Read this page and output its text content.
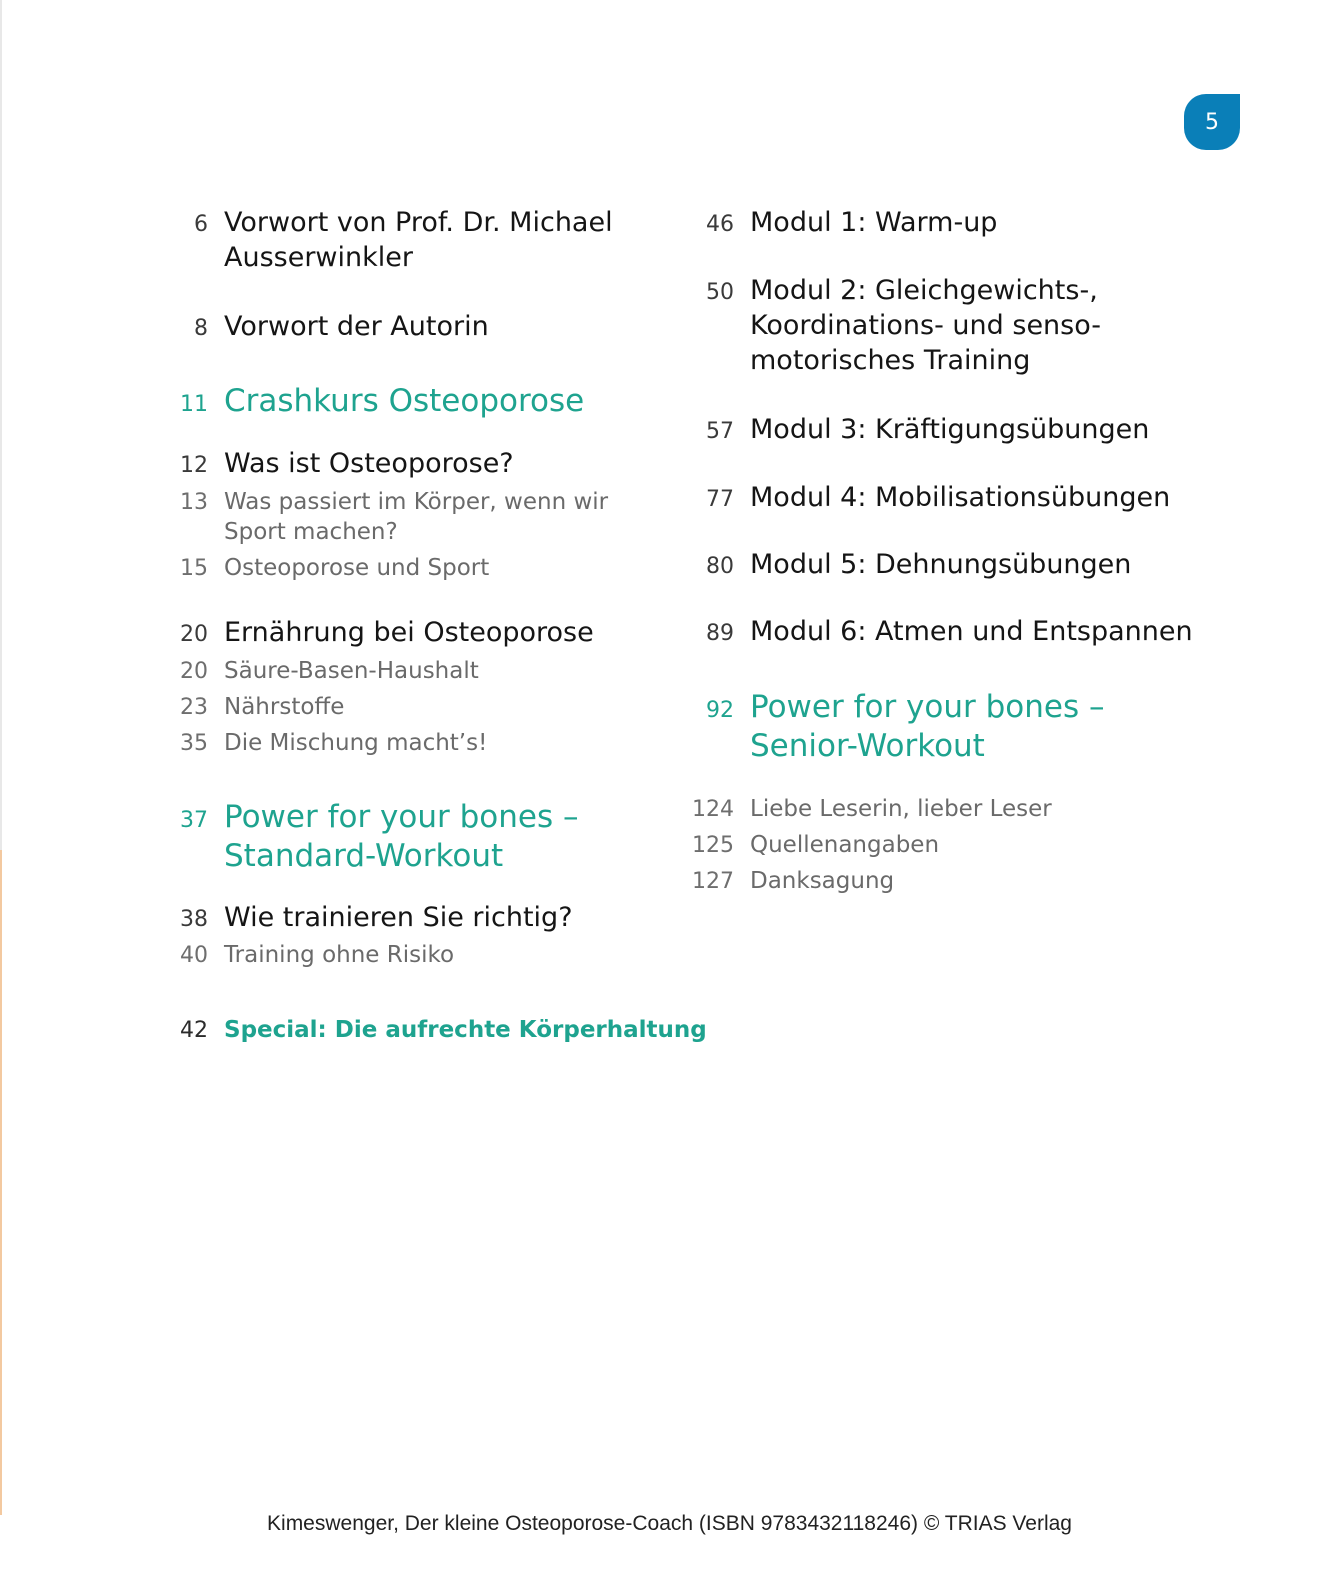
5
6 Vorwort von Prof. Dr. Michael
Ausserwinkler
8 Vorwort der Autorin
11 Crashkurs Osteoporose
12 Was ist Osteoporose?
13 Was passiert im Körper, wenn wir
Sport machen?
15 Osteoporose und Sport
20 Ernährung bei Osteoporose
20 Säure-Basen-Haushalt
23 Nährstoffe
35 Die Mischung macht’s!
37 Power for your bones –
Standard-Workout
38 Wie trainieren Sie richtig?
40 Training ohne Risiko
42 Special: Die aufrechte Körperhaltung
46 Modul 1: Warm-up
50 Modul 2: Gleichgewichts-,
Koordinations- und senso-
motorisches Training
57 Modul 3: Kräftigungsübungen
77 Modul 4: Mobilisationsübungen
80 Modul 5: Dehnungsübungen
89 Modul 6: Atmen und Entspannen
92 Power for your bones –
Senior-Workout
124 Liebe Leserin, lieber Leser
125 Quellenangaben
127 Danksagung
Kimeswenger, Der kleine Osteoporose-Coach (ISBN 9783432118246) © TRIAS Verlag
